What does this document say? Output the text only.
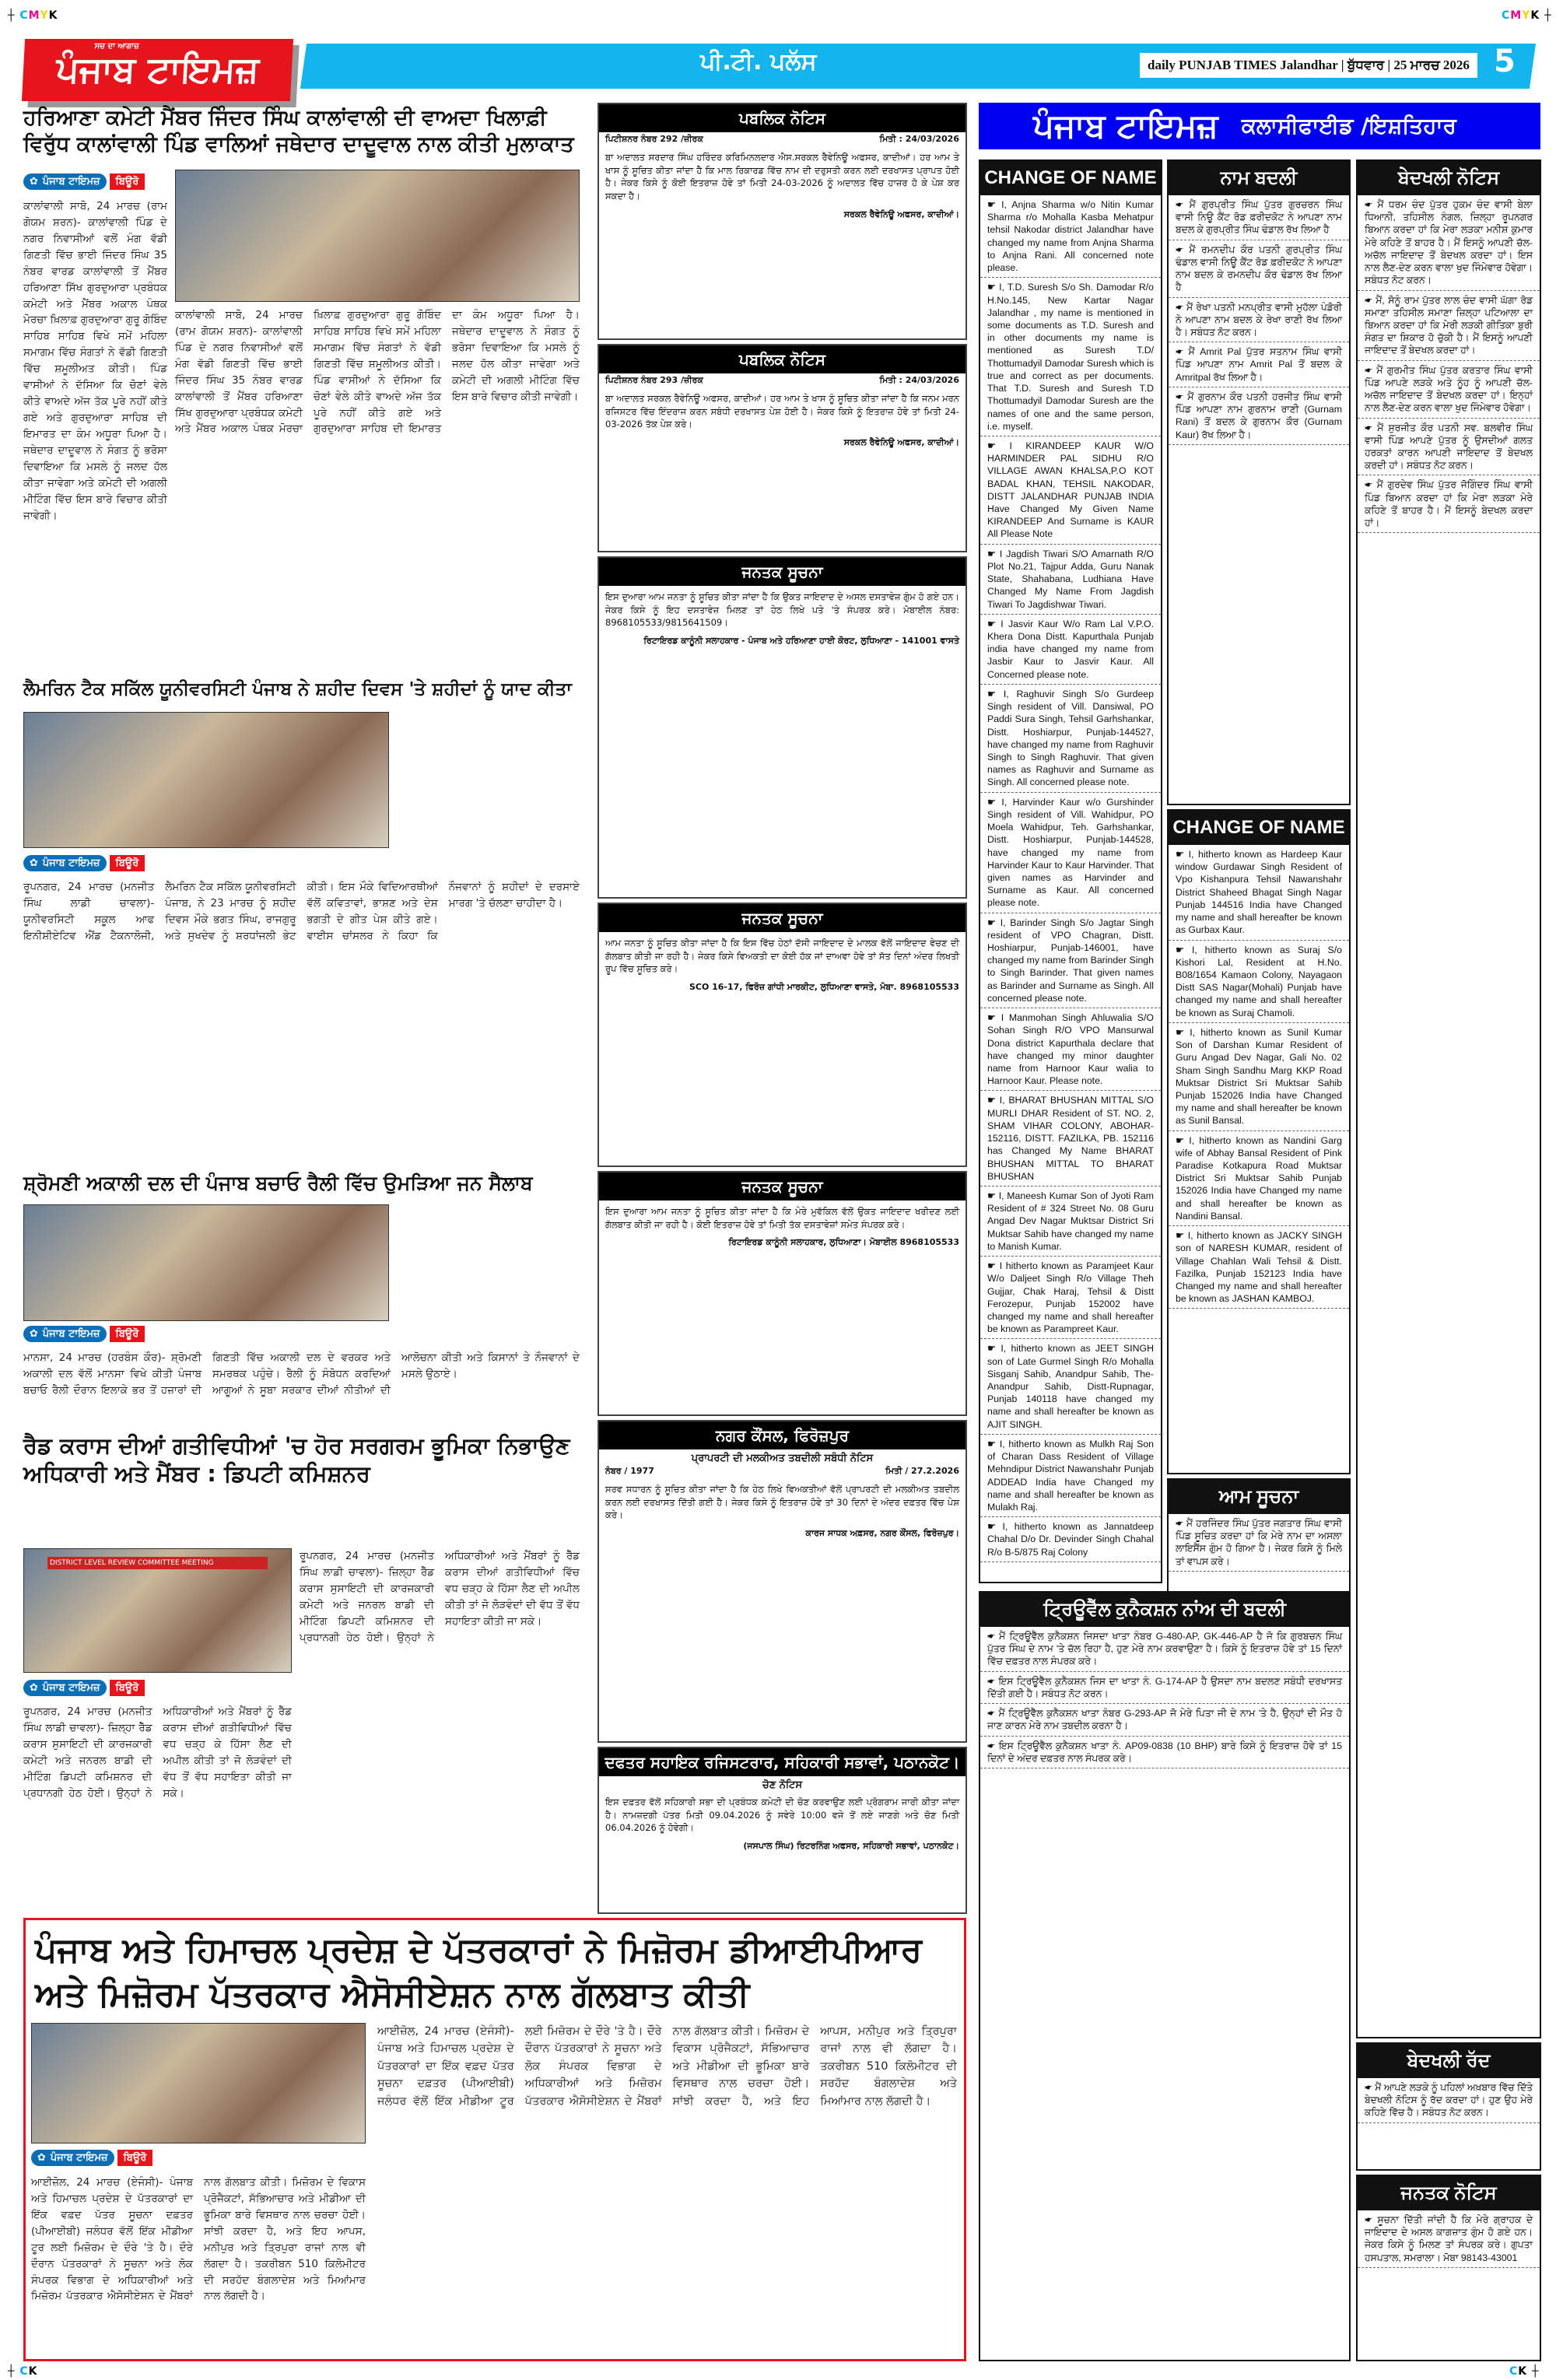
┼ CMYK	CMYK ┼
ਸਚ ਦਾ ਆਗਾਜ਼
ਪੰਜਾਬ ਟਾਇਮਜ਼	ਪੀ.ਟੀ. ਪਲੱਸ	daily PUNJAB TIMES Jalandhar | ਬੁੱਧਵਾਰ | 25 ਮਾਰਚ 2026 5
ਹਰਿਆਣਾ ਕਮੇਟੀ ਮੈਂਬਰ ਜਿੰਦਰ ਸਿੰਘ ਕਾਲਾਂਵਾਲੀ ਦੀ ਵਾਅਦਾ ਖਿਲਾਫ਼ੀ ਵਿਰੁੱਧ ਕਾਲਾਂਵਾਲੀ ਪਿੰਡ ਵਾਲਿਆਂ ਜਥੇਦਾਰ ਦਾਦੂਵਾਲ ਨਾਲ ਕੀਤੀ ਮੁਲਾਕਾਤ
✿ ਪੰਜਾਬ ਟਾਇਮਜ਼ ਬਿਊਰੋ
ਕਾਲਾਂਵਾਲੀ ਸਾਬੋ, 24 ਮਾਰਚ (ਰਾਮ ਗੋਯਮ ਸ਼ਰਨ)- ਕਾਲਾਂਵਾਲੀ ਪਿੰਡ ਦੇ ਨਗਰ ਨਿਵਾਸੀਆਂ ਵਲੋਂ ਮੰਗ ਵੱਡੀ ਗਿਣਤੀ ਵਿੱਚ ਭਾਈ ਜਿੰਦਰ ਸਿੰਘ 35 ਨੰਬਰ ਵਾਰਡ ਕਾਲਾਂਵਾਲੀ ਤੋਂ ਮੈਂਬਰ ਹਰਿਆਣਾ ਸਿੱਖ ਗੁਰਦੁਆਰਾ ਪ੍ਰਬੰਧਕ ਕਮੇਟੀ ਅਤੇ ਮੈਂਬਰ ਅਕਾਲ ਪੰਥਕ ਮੋਰਚਾ ਖ਼ਿਲਾਫ਼ ਗੁਰਦੁਆਰਾ ਗੁਰੂ ਗੋਬਿੰਦ ਸਾਹਿਬ ਸਾਹਿਬ ਵਿਖੇ ਸਮੇਂ ਮਹਿਲਾ ਸਮਾਗਮ ਵਿੱਚ ਸੰਗਤਾਂ ਨੇ ਵੱਡੀ ਗਿਣਤੀ ਵਿੱਚ ਸ਼ਮੂਲੀਅਤ ਕੀਤੀ। ਪਿੰਡ ਵਾਸੀਆਂ ਨੇ ਦੱਸਿਆ ਕਿ ਚੋਣਾਂ ਵੇਲੇ ਕੀਤੇ ਵਾਅਦੇ ਅੱਜ ਤੱਕ ਪੂਰੇ ਨਹੀਂ ਕੀਤੇ ਗਏ ਅਤੇ ਗੁਰਦੁਆਰਾ ਸਾਹਿਬ ਦੀ ਇਮਾਰਤ ਦਾ ਕੰਮ ਅਧੂਰਾ ਪਿਆ ਹੈ। ਜਥੇਦਾਰ ਦਾਦੂਵਾਲ ਨੇ ਸੰਗਤ ਨੂੰ ਭਰੋਸਾ ਦਿਵਾਇਆ ਕਿ ਮਸਲੇ ਨੂੰ ਜਲਦ ਹੱਲ ਕੀਤਾ ਜਾਵੇਗਾ ਅਤੇ ਕਮੇਟੀ ਦੀ ਅਗਲੀ ਮੀਟਿੰਗ ਵਿੱਚ ਇਸ ਬਾਰੇ ਵਿਚਾਰ ਕੀਤੀ ਜਾਵੇਗੀ।
ਕਾਲਾਂਵਾਲੀ ਸਾਬੋ, 24 ਮਾਰਚ (ਰਾਮ ਗੋਯਮ ਸ਼ਰਨ)- ਕਾਲਾਂਵਾਲੀ ਪਿੰਡ ਦੇ ਨਗਰ ਨਿਵਾਸੀਆਂ ਵਲੋਂ ਮੰਗ ਵੱਡੀ ਗਿਣਤੀ ਵਿੱਚ ਭਾਈ ਜਿੰਦਰ ਸਿੰਘ 35 ਨੰਬਰ ਵਾਰਡ ਕਾਲਾਂਵਾਲੀ ਤੋਂ ਮੈਂਬਰ ਹਰਿਆਣਾ ਸਿੱਖ ਗੁਰਦੁਆਰਾ ਪ੍ਰਬੰਧਕ ਕਮੇਟੀ ਅਤੇ ਮੈਂਬਰ ਅਕਾਲ ਪੰਥਕ ਮੋਰਚਾ ਖ਼ਿਲਾਫ਼ ਗੁਰਦੁਆਰਾ ਗੁਰੂ ਗੋਬਿੰਦ ਸਾਹਿਬ ਸਾਹਿਬ ਵਿਖੇ ਸਮੇਂ ਮਹਿਲਾ ਸਮਾਗਮ ਵਿੱਚ ਸੰਗਤਾਂ ਨੇ ਵੱਡੀ ਗਿਣਤੀ ਵਿੱਚ ਸ਼ਮੂਲੀਅਤ ਕੀਤੀ। ਪਿੰਡ ਵਾਸੀਆਂ ਨੇ ਦੱਸਿਆ ਕਿ ਚੋਣਾਂ ਵੇਲੇ ਕੀਤੇ ਵਾਅਦੇ ਅੱਜ ਤੱਕ ਪੂਰੇ ਨਹੀਂ ਕੀਤੇ ਗਏ ਅਤੇ ਗੁਰਦੁਆਰਾ ਸਾਹਿਬ ਦੀ ਇਮਾਰਤ ਦਾ ਕੰਮ ਅਧੂਰਾ ਪਿਆ ਹੈ। ਜਥੇਦਾਰ ਦਾਦੂਵਾਲ ਨੇ ਸੰਗਤ ਨੂੰ ਭਰੋਸਾ ਦਿਵਾਇਆ ਕਿ ਮਸਲੇ ਨੂੰ ਜਲਦ ਹੱਲ ਕੀਤਾ ਜਾਵੇਗਾ ਅਤੇ ਕਮੇਟੀ ਦੀ ਅਗਲੀ ਮੀਟਿੰਗ ਵਿੱਚ ਇਸ ਬਾਰੇ ਵਿਚਾਰ ਕੀਤੀ ਜਾਵੇਗੀ।
ਲੈਮਰਿਨ ਟੈਕ ਸਕਿੱਲ ਯੂਨੀਵਰਸਿਟੀ ਪੰਜਾਬ ਨੇ ਸ਼ਹੀਦ ਦਿਵਸ 'ਤੇ ਸ਼ਹੀਦਾਂ ਨੂੰ ਯਾਦ ਕੀਤਾ
✿ ਪੰਜਾਬ ਟਾਇਮਜ਼ ਬਿਊਰੋ
ਰੂਪਨਗਰ, 24 ਮਾਰਚ (ਮਨਜੀਤ ਸਿੰਘ ਲਾਡੀ ਚਾਵਲਾ)- ਯੂਨੀਵਰਸਿਟੀ ਸਕੂਲ ਆਫ ਇਨੀਸ਼ੀਏਟਿਵ ਐਂਡ ਟੈਕਨਾਲੋਜੀ, ਲੈਮਰਿਨ ਟੈਕ ਸਕਿੱਲ ਯੂਨੀਵਰਸਿਟੀ ਪੰਜਾਬ, ਨੇ 23 ਮਾਰਚ ਨੂੰ ਸ਼ਹੀਦ ਦਿਵਸ ਮੌਕੇ ਭਗਤ ਸਿੰਘ, ਰਾਜਗੁਰੂ ਅਤੇ ਸੁਖਦੇਵ ਨੂੰ ਸ਼ਰਧਾਂਜਲੀ ਭੇਟ ਕੀਤੀ। ਇਸ ਮੌਕੇ ਵਿਦਿਆਰਥੀਆਂ ਵੱਲੋਂ ਕਵਿਤਾਵਾਂ, ਭਾਸ਼ਣ ਅਤੇ ਦੇਸ਼ ਭਗਤੀ ਦੇ ਗੀਤ ਪੇਸ਼ ਕੀਤੇ ਗਏ। ਵਾਈਸ ਚਾਂਸਲਰ ਨੇ ਕਿਹਾ ਕਿ ਨੌਜਵਾਨਾਂ ਨੂੰ ਸ਼ਹੀਦਾਂ ਦੇ ਦਰਸਾਏ ਮਾਰਗ 'ਤੇ ਚੱਲਣਾ ਚਾਹੀਦਾ ਹੈ।
ਸ਼੍ਰੋਮਣੀ ਅਕਾਲੀ ਦਲ ਦੀ ਪੰਜਾਬ ਬਚਾਓ ਰੈਲੀ ਵਿੱਚ ਉਮੜਿਆ ਜਨ ਸੈਲਾਬ
✿ ਪੰਜਾਬ ਟਾਇਮਜ਼ ਬਿਊਰੋ
ਮਾਨਸਾ, 24 ਮਾਰਚ (ਹਰਬੰਸ ਕੌਰ)- ਸ਼੍ਰੋਮਣੀ ਅਕਾਲੀ ਦਲ ਵੱਲੋਂ ਮਾਨਸਾ ਵਿਖੇ ਕੀਤੀ ਪੰਜਾਬ ਬਚਾਓ ਰੈਲੀ ਦੌਰਾਨ ਇਲਾਕੇ ਭਰ ਤੋਂ ਹਜ਼ਾਰਾਂ ਦੀ ਗਿਣਤੀ ਵਿੱਚ ਅਕਾਲੀ ਦਲ ਦੇ ਵਰਕਰ ਅਤੇ ਸਮਰਥਕ ਪਹੁੰਚੇ। ਰੈਲੀ ਨੂੰ ਸੰਬੋਧਨ ਕਰਦਿਆਂ ਆਗੂਆਂ ਨੇ ਸੂਬਾ ਸਰਕਾਰ ਦੀਆਂ ਨੀਤੀਆਂ ਦੀ ਆਲੋਚਨਾ ਕੀਤੀ ਅਤੇ ਕਿਸਾਨਾਂ ਤੇ ਨੌਜਵਾਨਾਂ ਦੇ ਮਸਲੇ ਉਠਾਏ।
ਰੈਡ ਕਰਾਸ ਦੀਆਂ ਗਤੀਵਿਧੀਆਂ 'ਚ ਹੋਰ ਸਰਗਰਮ ਭੂਮਿਕਾ ਨਿਭਾਉਣ ਅਧਿਕਾਰੀ ਅਤੇ ਮੈਂਬਰ : ਡਿਪਟੀ ਕਮਿਸ਼ਨਰ
DISTRICT LEVEL REVIEW COMMITTEE MEETING
✿ ਪੰਜਾਬ ਟਾਇਮਜ਼ ਬਿਊਰੋ
ਰੂਪਨਗਰ, 24 ਮਾਰਚ (ਮਨਜੀਤ ਸਿੰਘ ਲਾਡੀ ਚਾਵਲਾ)- ਜ਼ਿਲ੍ਹਾ ਰੈੱਡ ਕਰਾਸ ਸੁਸਾਇਟੀ ਦੀ ਕਾਰਜਕਾਰੀ ਕਮੇਟੀ ਅਤੇ ਜਨਰਲ ਬਾਡੀ ਦੀ ਮੀਟਿੰਗ ਡਿਪਟੀ ਕਮਿਸ਼ਨਰ ਦੀ ਪ੍ਰਧਾਨਗੀ ਹੇਠ ਹੋਈ। ਉਨ੍ਹਾਂ ਨੇ ਅਧਿਕਾਰੀਆਂ ਅਤੇ ਮੈਂਬਰਾਂ ਨੂੰ ਰੈੱਡ ਕਰਾਸ ਦੀਆਂ ਗਤੀਵਿਧੀਆਂ ਵਿੱਚ ਵਧ ਚੜ੍ਹ ਕੇ ਹਿੱਸਾ ਲੈਣ ਦੀ ਅਪੀਲ ਕੀਤੀ ਤਾਂ ਜੋ ਲੋੜਵੰਦਾਂ ਦੀ ਵੱਧ ਤੋਂ ਵੱਧ ਸਹਾਇਤਾ ਕੀਤੀ ਜਾ ਸਕੇ।
ਰੂਪਨਗਰ, 24 ਮਾਰਚ (ਮਨਜੀਤ ਸਿੰਘ ਲਾਡੀ ਚਾਵਲਾ)- ਜ਼ਿਲ੍ਹਾ ਰੈੱਡ ਕਰਾਸ ਸੁਸਾਇਟੀ ਦੀ ਕਾਰਜਕਾਰੀ ਕਮੇਟੀ ਅਤੇ ਜਨਰਲ ਬਾਡੀ ਦੀ ਮੀਟਿੰਗ ਡਿਪਟੀ ਕਮਿਸ਼ਨਰ ਦੀ ਪ੍ਰਧਾਨਗੀ ਹੇਠ ਹੋਈ। ਉਨ੍ਹਾਂ ਨੇ ਅਧਿਕਾਰੀਆਂ ਅਤੇ ਮੈਂਬਰਾਂ ਨੂੰ ਰੈੱਡ ਕਰਾਸ ਦੀਆਂ ਗਤੀਵਿਧੀਆਂ ਵਿੱਚ ਵਧ ਚੜ੍ਹ ਕੇ ਹਿੱਸਾ ਲੈਣ ਦੀ ਅਪੀਲ ਕੀਤੀ ਤਾਂ ਜੋ ਲੋੜਵੰਦਾਂ ਦੀ ਵੱਧ ਤੋਂ ਵੱਧ ਸਹਾਇਤਾ ਕੀਤੀ ਜਾ ਸਕੇ।
ਪੰਜਾਬ ਅਤੇ ਹਿਮਾਚਲ ਪ੍ਰਦੇਸ਼ ਦੇ ਪੱਤਰਕਾਰਾਂ ਨੇ ਮਿਜ਼ੋਰਮ ਡੀਆਈਪੀਆਰ ਅਤੇ ਮਿਜ਼ੋਰਮ ਪੱਤਰਕਾਰ ਐਸੋਸੀਏਸ਼ਨ ਨਾਲ ਗੱਲਬਾਤ ਕੀਤੀ
✿ ਪੰਜਾਬ ਟਾਇਮਜ਼ ਬਿਊਰੋ
ਆਈਜ਼ੋਲ, 24 ਮਾਰਚ (ਏਜੰਸੀ)- ਪੰਜਾਬ ਅਤੇ ਹਿਮਾਚਲ ਪ੍ਰਦੇਸ਼ ਦੇ ਪੱਤਰਕਾਰਾਂ ਦਾ ਇੱਕ ਵਫ਼ਦ ਪੱਤਰ ਸੂਚਨਾ ਦਫ਼ਤਰ (ਪੀਆਈਬੀ) ਜਲੰਧਰ ਵੱਲੋਂ ਇੱਕ ਮੀਡੀਆ ਟੂਰ ਲਈ ਮਿਜ਼ੋਰਮ ਦੇ ਦੌਰੇ 'ਤੇ ਹੈ। ਦੌਰੇ ਦੌਰਾਨ ਪੱਤਰਕਾਰਾਂ ਨੇ ਸੂਚਨਾ ਅਤੇ ਲੋਕ ਸੰਪਰਕ ਵਿਭਾਗ ਦੇ ਅਧਿਕਾਰੀਆਂ ਅਤੇ ਮਿਜ਼ੋਰਮ ਪੱਤਰਕਾਰ ਐਸੋਸੀਏਸ਼ਨ ਦੇ ਮੈਂਬਰਾਂ ਨਾਲ ਗੱਲਬਾਤ ਕੀਤੀ। ਮਿਜ਼ੋਰਮ ਦੇ ਵਿਕਾਸ ਪ੍ਰੋਜੈਕਟਾਂ, ਸੱਭਿਆਚਾਰ ਅਤੇ ਮੀਡੀਆ ਦੀ ਭੂਮਿਕਾ ਬਾਰੇ ਵਿਸਥਾਰ ਨਾਲ ਚਰਚਾ ਹੋਈ। ਸਾਂਝੀ ਕਰਦਾ ਹੈ, ਅਤੇ ਇਹ ਆਪਸ, ਮਨੀਪੁਰ ਅਤੇ ਤ੍ਰਿਪੁਰਾ ਰਾਜਾਂ ਨਾਲ ਵੀ ਲੱਗਦਾ ਹੈ। ਤਕਰੀਬਨ 510 ਕਿਲੋਮੀਟਰ ਦੀ ਸਰਹੱਦ ਬੰਗਲਾਦੇਸ਼ ਅਤੇ ਮਿਆਂਮਾਰ ਨਾਲ ਲੱਗਦੀ ਹੈ।
ਆਈਜ਼ੋਲ, 24 ਮਾਰਚ (ਏਜੰਸੀ)- ਪੰਜਾਬ ਅਤੇ ਹਿਮਾਚਲ ਪ੍ਰਦੇਸ਼ ਦੇ ਪੱਤਰਕਾਰਾਂ ਦਾ ਇੱਕ ਵਫ਼ਦ ਪੱਤਰ ਸੂਚਨਾ ਦਫ਼ਤਰ (ਪੀਆਈਬੀ) ਜਲੰਧਰ ਵੱਲੋਂ ਇੱਕ ਮੀਡੀਆ ਟੂਰ ਲਈ ਮਿਜ਼ੋਰਮ ਦੇ ਦੌਰੇ 'ਤੇ ਹੈ। ਦੌਰੇ ਦੌਰਾਨ ਪੱਤਰਕਾਰਾਂ ਨੇ ਸੂਚਨਾ ਅਤੇ ਲੋਕ ਸੰਪਰਕ ਵਿਭਾਗ ਦੇ ਅਧਿਕਾਰੀਆਂ ਅਤੇ ਮਿਜ਼ੋਰਮ ਪੱਤਰਕਾਰ ਐਸੋਸੀਏਸ਼ਨ ਦੇ ਮੈਂਬਰਾਂ ਨਾਲ ਗੱਲਬਾਤ ਕੀਤੀ। ਮਿਜ਼ੋਰਮ ਦੇ ਵਿਕਾਸ ਪ੍ਰੋਜੈਕਟਾਂ, ਸੱਭਿਆਚਾਰ ਅਤੇ ਮੀਡੀਆ ਦੀ ਭੂਮਿਕਾ ਬਾਰੇ ਵਿਸਥਾਰ ਨਾਲ ਚਰਚਾ ਹੋਈ। ਸਾਂਝੀ ਕਰਦਾ ਹੈ, ਅਤੇ ਇਹ ਆਪਸ, ਮਨੀਪੁਰ ਅਤੇ ਤ੍ਰਿਪੁਰਾ ਰਾਜਾਂ ਨਾਲ ਵੀ ਲੱਗਦਾ ਹੈ। ਤਕਰੀਬਨ 510 ਕਿਲੋਮੀਟਰ ਦੀ ਸਰਹੱਦ ਬੰਗਲਾਦੇਸ਼ ਅਤੇ ਮਿਆਂਮਾਰ ਨਾਲ ਲੱਗਦੀ ਹੈ।
ਪਬਲਿਕ ਨੋਟਿਸ
ਪਿਟੀਸ਼ਨਰ ਨੰਬਰ 292 /ਜ਼ੀਰਕ	ਮਿਤੀ : 24/03/2026

ਬਾ ਅਦਾਲਤ ਸਰਦਾਰ ਸਿੰਘ ਹਰਿੰਦਰ ਕਰਿਮਿਨਲਦਾਰ ਐਸ.ਸਰਕਲ ਰੈਵੇਨਿਊ ਅਫਸਰ, ਕਾਦੀਆਂ। ਹਰ ਆਮ ਤੇ ਖਾਸ ਨੂੰ ਸੂਚਿਤ ਕੀਤਾ ਜਾਂਦਾ ਹੈ ਕਿ ਮਾਲ ਰਿਕਾਰਡ ਵਿੱਚ ਨਾਮ ਦੀ ਦਰੁਸਤੀ ਕਰਨ ਲਈ ਦਰਖਾਸਤ ਪ੍ਰਾਪਤ ਹੋਈ ਹੈ। ਜੇਕਰ ਕਿਸੇ ਨੂੰ ਕੋਈ ਇਤਰਾਜ਼ ਹੋਵੇ ਤਾਂ ਮਿਤੀ 24-03-2026 ਨੂੰ ਅਦਾਲਤ ਵਿੱਚ ਹਾਜ਼ਰ ਹੋ ਕੇ ਪੇਸ਼ ਕਰ ਸਕਦਾ ਹੈ।

ਸਰਕਲ ਰੈਵੇਨਿਊ ਅਫਸਰ, ਕਾਦੀਆਂ।
ਪਬਲਿਕ ਨੋਟਿਸ
ਪਿਟੀਸ਼ਨਰ ਨੰਬਰ 293 /ਜ਼ੀਰਕ	ਮਿਤੀ : 24/03/2026

ਬਾ ਅਦਾਲਤ ਸਰਕਲ ਰੈਵੇਨਿਊ ਅਫਸਰ, ਕਾਦੀਆਂ। ਹਰ ਆਮ ਤੇ ਖਾਸ ਨੂੰ ਸੂਚਿਤ ਕੀਤਾ ਜਾਂਦਾ ਹੈ ਕਿ ਜਨਮ ਮਰਨ ਰਜਿਸਟਰ ਵਿੱਚ ਇੰਦਰਾਜ ਕਰਨ ਸਬੰਧੀ ਦਰਖਾਸਤ ਪੇਸ਼ ਹੋਈ ਹੈ। ਜੇਕਰ ਕਿਸੇ ਨੂੰ ਇਤਰਾਜ਼ ਹੋਵੇ ਤਾਂ ਮਿਤੀ 24-03-2026 ਤੱਕ ਪੇਸ਼ ਕਰੇ।

ਸਰਕਲ ਰੈਵੇਨਿਊ ਅਫਸਰ, ਕਾਦੀਆਂ।
ਜਨਤਕ ਸੂਚਨਾ

ਇਸ ਦੁਆਰਾ ਆਮ ਜਨਤਾ ਨੂੰ ਸੂਚਿਤ ਕੀਤਾ ਜਾਂਦਾ ਹੈ ਕਿ ਉਕਤ ਜਾਇਦਾਦ ਦੇ ਅਸਲ ਦਸਤਾਵੇਜ਼ ਗੁੰਮ ਹੋ ਗਏ ਹਨ। ਜੇਕਰ ਕਿਸੇ ਨੂੰ ਇਹ ਦਸਤਾਵੇਜ਼ ਮਿਲਣ ਤਾਂ ਹੇਠ ਲਿਖੇ ਪਤੇ 'ਤੇ ਸੰਪਰਕ ਕਰੇ। ਮੋਬਾਈਲ ਨੰਬਰ: 8968105533/9815641509।

ਰਿਟਾਇਰਡ ਕਾਨੂੰਨੀ ਸਲਾਹਕਾਰ - ਪੰਜਾਬ ਅਤੇ ਹਰਿਆਣਾ ਹਾਈ ਕੋਰਟ, ਲੁਧਿਆਣਾ - 141001 ਵਾਸਤੇ
ਜਨਤਕ ਸੂਚਨਾ

ਆਮ ਜਨਤਾ ਨੂੰ ਸੂਚਿਤ ਕੀਤਾ ਜਾਂਦਾ ਹੈ ਕਿ ਇਸ ਵਿੱਚ ਹੇਠਾਂ ਦੱਸੀ ਜਾਇਦਾਦ ਦੇ ਮਾਲਕ ਵੱਲੋਂ ਜਾਇਦਾਦ ਵੇਚਣ ਦੀ ਗੱਲਬਾਤ ਕੀਤੀ ਜਾ ਰਹੀ ਹੈ। ਜੇਕਰ ਕਿਸੇ ਵਿਅਕਤੀ ਦਾ ਕੋਈ ਹੱਕ ਜਾਂ ਦਾਅਵਾ ਹੋਵੇ ਤਾਂ ਸੱਤ ਦਿਨਾਂ ਅੰਦਰ ਲਿਖਤੀ ਰੂਪ ਵਿੱਚ ਸੂਚਿਤ ਕਰੇ।

SCO 16-17, ਫਿਰੋਜ਼ ਗਾਂਧੀ ਮਾਰਕੀਟ, ਲੁਧਿਆਣਾ ਵਾਸਤੇ, ਮੋਬਾ. 8968105533
ਜਨਤਕ ਸੂਚਨਾ

ਇਸ ਦੁਆਰਾ ਆਮ ਜਨਤਾ ਨੂੰ ਸੂਚਿਤ ਕੀਤਾ ਜਾਂਦਾ ਹੈ ਕਿ ਮੇਰੇ ਮੁਵੱਕਿਲ ਵੱਲੋਂ ਉਕਤ ਜਾਇਦਾਦ ਖਰੀਦਣ ਲਈ ਗੱਲਬਾਤ ਕੀਤੀ ਜਾ ਰਹੀ ਹੈ। ਕੋਈ ਇਤਰਾਜ਼ ਹੋਵੇ ਤਾਂ ਮਿਤੀ ਤੱਕ ਦਸਤਾਵੇਜ਼ਾਂ ਸਮੇਤ ਸੰਪਰਕ ਕਰੇ।

ਰਿਟਾਇਰਡ ਕਾਨੂੰਨੀ ਸਲਾਹਕਾਰ, ਲੁਧਿਆਣਾ। ਮੋਬਾਈਲ 8968105533
ਨਗਰ ਕੌਂਸਲ, ਫਿਰੋਜ਼ਪੁਰ
ਪ੍ਰਾਪਰਟੀ ਦੀ ਮਲਕੀਅਤ ਤਬਦੀਲੀ ਸਬੰਧੀ ਨੋਟਿਸ
ਨੰਬਰ / 1977	ਮਿਤੀ / 27.2.2026

ਸਰਵ ਸਧਾਰਨ ਨੂੰ ਸੂਚਿਤ ਕੀਤਾ ਜਾਂਦਾ ਹੈ ਕਿ ਹੇਠ ਲਿਖੇ ਵਿਅਕਤੀਆਂ ਵੱਲੋਂ ਪ੍ਰਾਪਰਟੀ ਦੀ ਮਲਕੀਅਤ ਤਬਦੀਲ ਕਰਨ ਲਈ ਦਰਖਾਸਤ ਦਿੱਤੀ ਗਈ ਹੈ। ਜੇਕਰ ਕਿਸੇ ਨੂੰ ਇਤਰਾਜ਼ ਹੋਵੇ ਤਾਂ 30 ਦਿਨਾਂ ਦੇ ਅੰਦਰ ਦਫ਼ਤਰ ਵਿੱਚ ਪੇਸ਼ ਕਰੇ।

ਕਾਰਜ ਸਾਧਕ ਅਫ਼ਸਰ, ਨਗਰ ਕੌਂਸਲ, ਫਿਰੋਜ਼ਪੁਰ।
ਦਫਤਰ ਸਹਾਇਕ ਰਜਿਸਟਰਾਰ, ਸਹਿਕਾਰੀ ਸਭਾਵਾਂ, ਪਠਾਨਕੋਟ।
ਚੋਣ ਨੋਟਿਸ

ਇਸ ਦਫ਼ਤਰ ਵੱਲੋਂ ਸਹਿਕਾਰੀ ਸਭਾ ਦੀ ਪ੍ਰਬੰਧਕ ਕਮੇਟੀ ਦੀ ਚੋਣ ਕਰਵਾਉਣ ਲਈ ਪ੍ਰੋਗਰਾਮ ਜਾਰੀ ਕੀਤਾ ਜਾਂਦਾ ਹੈ। ਨਾਮਜ਼ਦਗੀ ਪੱਤਰ ਮਿਤੀ 09.04.2026 ਨੂੰ ਸਵੇਰੇ 10:00 ਵਜੇ ਤੋਂ ਲਏ ਜਾਣਗੇ ਅਤੇ ਚੋਣ ਮਿਤੀ 06.04.2026 ਨੂੰ ਹੋਵੇਗੀ।

(ਜਸਪਾਲ ਸਿੰਘ) ਰਿਟਰਨਿੰਗ ਅਫਸਰ, ਸਹਿਕਾਰੀ ਸਭਾਵਾਂ, ਪਠਾਨਕੋਟ।
ਪੰਜਾਬ ਟਾਇਮਜ਼ ਕਲਾਸੀਫਾਈਡ /ਇਸ਼ਤਿਹਾਰ
CHANGE OF NAME
☛ I, Anjna Sharma w/o Nitin Kumar Sharma r/o Mohalla Kasba Mehatpur tehsil Nakodar district Jalandhar have changed my name from Anjna Sharma to Anjna Rani. All concerned note please.
☛ I, T.D. Suresh S/o Sh. Damodar R/o H.No.145, New Kartar Nagar Jalandhar , my name is mentioned in some documents as T.D. Suresh and in other documents my name is mentioned as Suresh T.D/ Thottumadyil Damodar Suresh which is true and correct as per documents. That T.D. Suresh and Suresh T.D Thottumadyil Damodar Suresh are the names of one and the same person, i.e. myself.
☛ I KIRANDEEP KAUR W/O HARMINDER PAL SIDHU R/O VILLAGE AWAN KHALSA,P.O KOT BADAL KHAN, TEHSIL NAKODAR, DISTT JALANDHAR PUNJAB INDIA Have Changed My Given Name KIRANDEEP And Surname is KAUR All Please Note
☛ I Jagdish Tiwari S/O Amarnath R/O Plot No.21, Tajpur Adda, Guru Nanak State, Shahabana, Ludhiana Have Changed My Name From Jagdish Tiwari To Jagdishwar Tiwari.
☛ I Jasvir Kaur W/o Ram Lal V.P.O. Khera Dona Distt. Kapurthala Punjab india have changed my name from Jasbir Kaur to Jasvir Kaur. All Concerned please note.
☛ I, Raghuvir Singh S/o Gurdeep Singh resident of Vill. Dansiwal, PO Paddi Sura Singh, Tehsil Garhshankar, Distt. Hoshiarpur, Punjab-144527, have changed my name from Raghuvir Singh to Singh Raghuvir. That given names as Raghuvir and Surname as Singh. All concerned please note.
☛ I, Harvinder Kaur w/o Gurshinder Singh resident of Vill. Wahidpur, PO Moela Wahidpur, Teh. Garhshankar, Distt. Hoshiarpur, Punjab-144528, have changed my name from Harvinder Kaur to Kaur Harvinder. That given names as Harvinder and Surname as Kaur. All concerned please note.
☛ I, Barinder Singh S/o Jagtar Singh resident of VPO Chagran, Distt. Hoshiarpur, Punjab-146001, have changed my name from Barinder Singh to Singh Barinder. That given names as Barinder and Surname as Singh. All concerned please note.
☛ I Manmohan Singh Ahluwalia S/O Sohan Singh R/O VPO Mansurwal Dona district Kapurthala declare that have changed my minor daughter name from Harnoor Kaur walia to Harnoor Kaur. Please note.
☛ I, BHARAT BHUSHAN MITTAL S/O MURLI DHAR Resident of ST. NO. 2, SHAM VIHAR COLONY, ABOHAR-152116, DISTT. FAZILKA, PB. 152116 has Changed My Name BHARAT BHUSHAN MITTAL TO BHARAT BHUSHAN
☛ I, Maneesh Kumar Son of Jyoti Ram Resident of # 324 Street No. 08 Guru Angad Dev Nagar Muktsar District Sri Muktsar Sahib have changed my name to Manish Kumar.
☛ I hitherto known as Paramjeet Kaur W/o Daljeet Singh R/o Village Theh Gujjar, Chak Haraj, Tehsil & Distt Ferozepur, Punjab 152002 have changed my name and shall hereafter be known as Parampreet Kaur.
☛ I, hitherto known as JEET SINGH son of Late Gurmel Singh R/o Mohalla Sisganj Sahib, Anandpur Sahib, The-Anandpur Sahib, Distt-Rupnagar, Punjab 140118 have changed my name and shall hereafter be known as AJIT SINGH.
☛ I, hitherto known as Mulkh Raj Son of Charan Dass Resident of Village Mehndipur District Nawanshahr Punjab ADDEAD India have Changed my name and shall hereafter be known as Mulakh Raj.
☛ I, hitherto known as Jannatdeep Chahal D/o Dr. Devinder Singh Chahal R/o B-5/875 Raj Colony
ਨਾਮ ਬਦਲੀ
☛ ਮੈਂ ਗੁਰਪ੍ਰੀਤ ਸਿੰਘ ਪੁੱਤਰ ਗੁਰਚਰਨ ਸਿੰਘ ਵਾਸੀ ਨਿਊ ਕੈਂਟ ਰੋਡ ਫ਼ਰੀਦਕੋਟ ਨੇ ਆਪਣਾ ਨਾਮ ਬਦਲ ਕੇ ਗੁਰਪ੍ਰੀਤ ਸਿੰਘ ਢੰਡਾਲ ਰੱਖ ਲਿਆ ਹੈ
☛ ਮੈਂ ਰਮਨਦੀਪ ਕੌਰ ਪਤਨੀ ਗੁਰਪ੍ਰੀਤ ਸਿੰਘ ਢੰਡਾਲ ਵਾਸੀ ਨਿਊ ਕੈਂਟ ਰੋਡ ਫ਼ਰੀਦਕੋਟ ਨੇ ਆਪਣਾ ਨਾਮ ਬਦਲ ਕੇ ਰਮਨਦੀਪ ਕੌਰ ਢੰਡਾਲ ਰੱਖ ਲਿਆ ਹੈ
☛ ਮੈਂ ਰੇਖਾ ਪਤਨੀ ਮਨਪ੍ਰੀਤ ਵਾਸੀ ਮੁਹੱਲਾ ਪੰਡੋਰੀ ਨੇ ਆਪਣਾ ਨਾਮ ਬਦਲ ਕੇ ਰੇਖਾ ਰਾਣੀ ਰੱਖ ਲਿਆ ਹੈ। ਸਬੰਧਤ ਨੋਟ ਕਰਨ।
☛ ਮੈਂ Amrit Pal ਪੁੱਤਰ ਸਤਨਾਮ ਸਿੰਘ ਵਾਸੀ ਪਿੰਡ ਆਪਣਾ ਨਾਮ Amrit Pal ਤੋਂ ਬਦਲ ਕੇ Amritpal ਰੱਖ ਲਿਆ ਹੈ।
☛ ਮੈਂ ਗੁਰਨਾਮ ਕੌਰ ਪਤਨੀ ਹਰਜੀਤ ਸਿੰਘ ਵਾਸੀ ਪਿੰਡ ਆਪਣਾ ਨਾਮ ਗੁਰਨਾਮ ਰਾਣੀ (Gurnam Rani) ਤੋਂ ਬਦਲ ਕੇ ਗੁਰਨਾਮ ਕੌਰ (Gurnam Kaur) ਰੱਖ ਲਿਆ ਹੈ।
CHANGE OF NAME
☛ I, hitherto known as Hardeep Kaur window Gurdawar Singh Resident of Vpo Kishanpura Tehsil Nawanshahr District Shaheed Bhagat Singh Nagar Punjab 144516 India have Changed my name and shall hereafter be known as Gurbax Kaur.
☛ I, hitherto known as Suraj S/o Kishori Lal, Resident at H.No. B08/1654 Kamaon Colony, Nayagaon Distt SAS Nagar(Mohali) Punjab have changed my name and shall hereafter be known as Suraj Chamoli.
☛ I, hitherto known as Sunil Kumar Son of Darshan Kumar Resident of Guru Angad Dev Nagar, Gali No. 02 Sham Singh Sandhu Marg KKP Road Muktsar District Sri Muktsar Sahib Punjab 152026 India have Changed my name and shall hereafter be known as Sunil Bansal.
☛ I, hitherto known as Nandini Garg wife of Abhay Bansal Resident of Pink Paradise Kotkapura Road Muktsar District Sri Muktsar Sahib Punjab 152026 India have Changed my name and shall hereafter be known as Nandini Bansal.
☛ I, hitherto known as JACKY SINGH son of NARESH KUMAR, resident of Village Chahlan Wali Tehsil & Distt. Fazilka, Punjab 152123 India have Changed my name and shall hereafter be known as JASHAN KAMBOJ.
ਆਮ ਸੂਚਨਾ
☛ ਮੈਂ ਹਰਜਿੰਦਰ ਸਿੰਘ ਪੁੱਤਰ ਜਗਤਾਰ ਸਿੰਘ ਵਾਸੀ ਪਿੰਡ ਸੂਚਿਤ ਕਰਦਾ ਹਾਂ ਕਿ ਮੇਰੇ ਨਾਮ ਦਾ ਅਸਲਾ ਲਾਇਸੈਂਸ ਗੁੰਮ ਹੋ ਗਿਆ ਹੈ। ਜੇਕਰ ਕਿਸੇ ਨੂੰ ਮਿਲੇ ਤਾਂ ਵਾਪਸ ਕਰੇ।
ਟ੍ਰਿਊਵੈੱਲ ਕੁਨੈਕਸ਼ਨ ਨਾਂਅ ਦੀ ਬਦਲੀ
☛ ਮੈਂ ਟ੍ਰਿਊਵੈੱਲ ਕੁਨੈਕਸ਼ਨ ਜਿਸਦਾ ਖਾਤਾ ਨੰਬਰ G-480-AP, GK-446-AP ਹੈ ਜੋ ਕਿ ਗੁਰਬਚਨ ਸਿੰਘ ਪੁੱਤਰ ਸਿੰਘ ਦੇ ਨਾਮ 'ਤੇ ਚੱਲ ਰਿਹਾ ਹੈ, ਹੁਣ ਮੇਰੇ ਨਾਮ ਕਰਵਾਉਣਾ ਹੈ। ਕਿਸੇ ਨੂੰ ਇਤਰਾਜ਼ ਹੋਵੇ ਤਾਂ 15 ਦਿਨਾਂ ਵਿੱਚ ਦਫ਼ਤਰ ਨਾਲ ਸੰਪਰਕ ਕਰੇ।
☛ ਇਸ ਟ੍ਰਿਊਵੈੱਲ ਕੁਨੈਕਸ਼ਨ ਜਿਸ ਦਾ ਖਾਤਾ ਨੰ. G-174-AP ਹੈ ਉਸਦਾ ਨਾਮ ਬਦਲਣ ਸਬੰਧੀ ਦਰਖਾਸਤ ਦਿੱਤੀ ਗਈ ਹੈ। ਸਬੰਧਤ ਨੋਟ ਕਰਨ।
☛ ਮੈਂ ਟ੍ਰਿਊਵੈੱਲ ਕੁਨੈਕਸ਼ਨ ਖਾਤਾ ਨੰਬਰ G-293-AP ਜੋ ਮੇਰੇ ਪਿਤਾ ਜੀ ਦੇ ਨਾਮ 'ਤੇ ਹੈ, ਉਨ੍ਹਾਂ ਦੀ ਮੌਤ ਹੋ ਜਾਣ ਕਾਰਨ ਮੇਰੇ ਨਾਮ ਤਬਦੀਲ ਕਰਨਾ ਹੈ।
☛ ਇਸ ਟ੍ਰਿਊਵੈੱਲ ਕੁਨੈਕਸ਼ਨ ਖਾਤਾ ਨੰ. AP09-0838 (10 BHP) ਬਾਰੇ ਕਿਸੇ ਨੂੰ ਇਤਰਾਜ਼ ਹੋਵੇ ਤਾਂ 15 ਦਿਨਾਂ ਦੇ ਅੰਦਰ ਦਫ਼ਤਰ ਨਾਲ ਸੰਪਰਕ ਕਰੇ।
ਬੇਦਖਲੀ ਨੋਟਿਸ
☛ ਮੈਂ ਧਰਮ ਚੰਦ ਪੁੱਤਰ ਹੁਕਮ ਚੰਦ ਵਾਸੀ ਬੇਲਾ ਧਿਆਨੀ, ਤਹਿਸੀਲ ਨੰਗਲ, ਜ਼ਿਲ੍ਹਾ ਰੂਪਨਗਰ ਬਿਆਨ ਕਰਦਾ ਹਾਂ ਕਿ ਮੇਰਾ ਲੜਕਾ ਮਨੀਸ਼ ਕੁਮਾਰ ਮੇਰੇ ਕਹਿਣੇ ਤੋਂ ਬਾਹਰ ਹੈ। ਮੈਂ ਇਸਨੂੰ ਆਪਣੀ ਚੱਲ-ਅਚੱਲ ਜਾਇਦਾਦ ਤੋਂ ਬੇਦਖਲ ਕਰਦਾ ਹਾਂ। ਇਸ ਨਾਲ ਲੈਣ-ਦੇਣ ਕਰਨ ਵਾਲਾ ਖੁਦ ਜਿੰਮੇਵਾਰ ਹੋਵੇਗਾ। ਸਬੰਧਤ ਨੋਟ ਕਰਨ।
☛ ਮੈਂ, ਸੋਨੂੰ ਰਾਮ ਪੁੱਤਰ ਲਾਲ ਚੰਦ ਵਾਸੀ ਘੱਗਾ ਰੋਡ ਸਮਾਣਾ ਤਹਿਸੀਲ ਸਮਾਣਾ ਜ਼ਿਲ੍ਹਾ ਪਟਿਆਲਾ ਦਾ ਬਿਆਨ ਕਰਦਾ ਹਾਂ ਕਿ ਮੇਰੀ ਲੜਕੀ ਗੀਤਿਕਾ ਬੁਰੀ ਸੰਗਤ ਦਾ ਸ਼ਿਕਾਰ ਹੋ ਚੁੱਕੀ ਹੈ। ਮੈਂ ਇਸਨੂੰ ਆਪਣੀ ਜਾਇਦਾਦ ਤੋਂ ਬੇਦਖਲ ਕਰਦਾ ਹਾਂ।
☛ ਮੈਂ ਗੁਰਮੀਤ ਸਿੰਘ ਪੁੱਤਰ ਕਰਤਾਰ ਸਿੰਘ ਵਾਸੀ ਪਿੰਡ ਆਪਣੇ ਲੜਕੇ ਅਤੇ ਨੂੰਹ ਨੂੰ ਆਪਣੀ ਚੱਲ-ਅਚੱਲ ਜਾਇਦਾਦ ਤੋਂ ਬੇਦਖਲ ਕਰਦਾ ਹਾਂ। ਇਨ੍ਹਾਂ ਨਾਲ ਲੈਣ-ਦੇਣ ਕਰਨ ਵਾਲਾ ਖੁਦ ਜਿੰਮੇਵਾਰ ਹੋਵੇਗਾ।
☛ ਮੈਂ ਸੁਰਜੀਤ ਕੌਰ ਪਤਨੀ ਸਵ. ਬਲਵੀਰ ਸਿੰਘ ਵਾਸੀ ਪਿੰਡ ਆਪਣੇ ਪੁੱਤਰ ਨੂੰ ਉਸਦੀਆਂ ਗਲਤ ਹਰਕਤਾਂ ਕਾਰਨ ਆਪਣੀ ਜਾਇਦਾਦ ਤੋਂ ਬੇਦਖਲ ਕਰਦੀ ਹਾਂ। ਸਬੰਧਤ ਨੋਟ ਕਰਨ।
☛ ਮੈਂ ਗੁਰਦੇਵ ਸਿੰਘ ਪੁੱਤਰ ਜੋਗਿੰਦਰ ਸਿੰਘ ਵਾਸੀ ਪਿੰਡ ਬਿਆਨ ਕਰਦਾ ਹਾਂ ਕਿ ਮੇਰਾ ਲੜਕਾ ਮੇਰੇ ਕਹਿਣੇ ਤੋਂ ਬਾਹਰ ਹੈ। ਮੈਂ ਇਸਨੂੰ ਬੇਦਖਲ ਕਰਦਾ ਹਾਂ।
ਬੇਦਖਲੀ ਰੱਦ
☛ ਮੈਂ ਆਪਣੇ ਲੜਕੇ ਨੂੰ ਪਹਿਲਾਂ ਅਖ਼ਬਾਰ ਵਿੱਚ ਦਿੱਤੇ ਬੇਦਖਲੀ ਨੋਟਿਸ ਨੂੰ ਰੱਦ ਕਰਦਾ ਹਾਂ। ਹੁਣ ਉਹ ਮੇਰੇ ਕਹਿਣੇ ਵਿੱਚ ਹੈ। ਸਬੰਧਤ ਨੋਟ ਕਰਨ।
ਜਨਤਕ ਨੋਟਿਸ
☛ ਸੂਚਨਾ ਦਿੱਤੀ ਜਾਂਦੀ ਹੈ ਕਿ ਮੇਰੇ ਗ੍ਰਾਹਕ ਦੇ ਜਾਇਦਾਦ ਦੇ ਅਸਲ ਕਾਗਜ਼ਾਤ ਗੁੰਮ ਹੋ ਗਏ ਹਨ। ਜੇਕਰ ਕਿਸੇ ਨੂੰ ਮਿਲਣ ਤਾਂ ਸੰਪਰਕ ਕਰੇ। ਗੁਪਤਾ ਹਸਪਤਾਲ, ਸਮਰਾਲਾ। ਮੋਬਾ 98143-43001
┼ CK	CK ┼
